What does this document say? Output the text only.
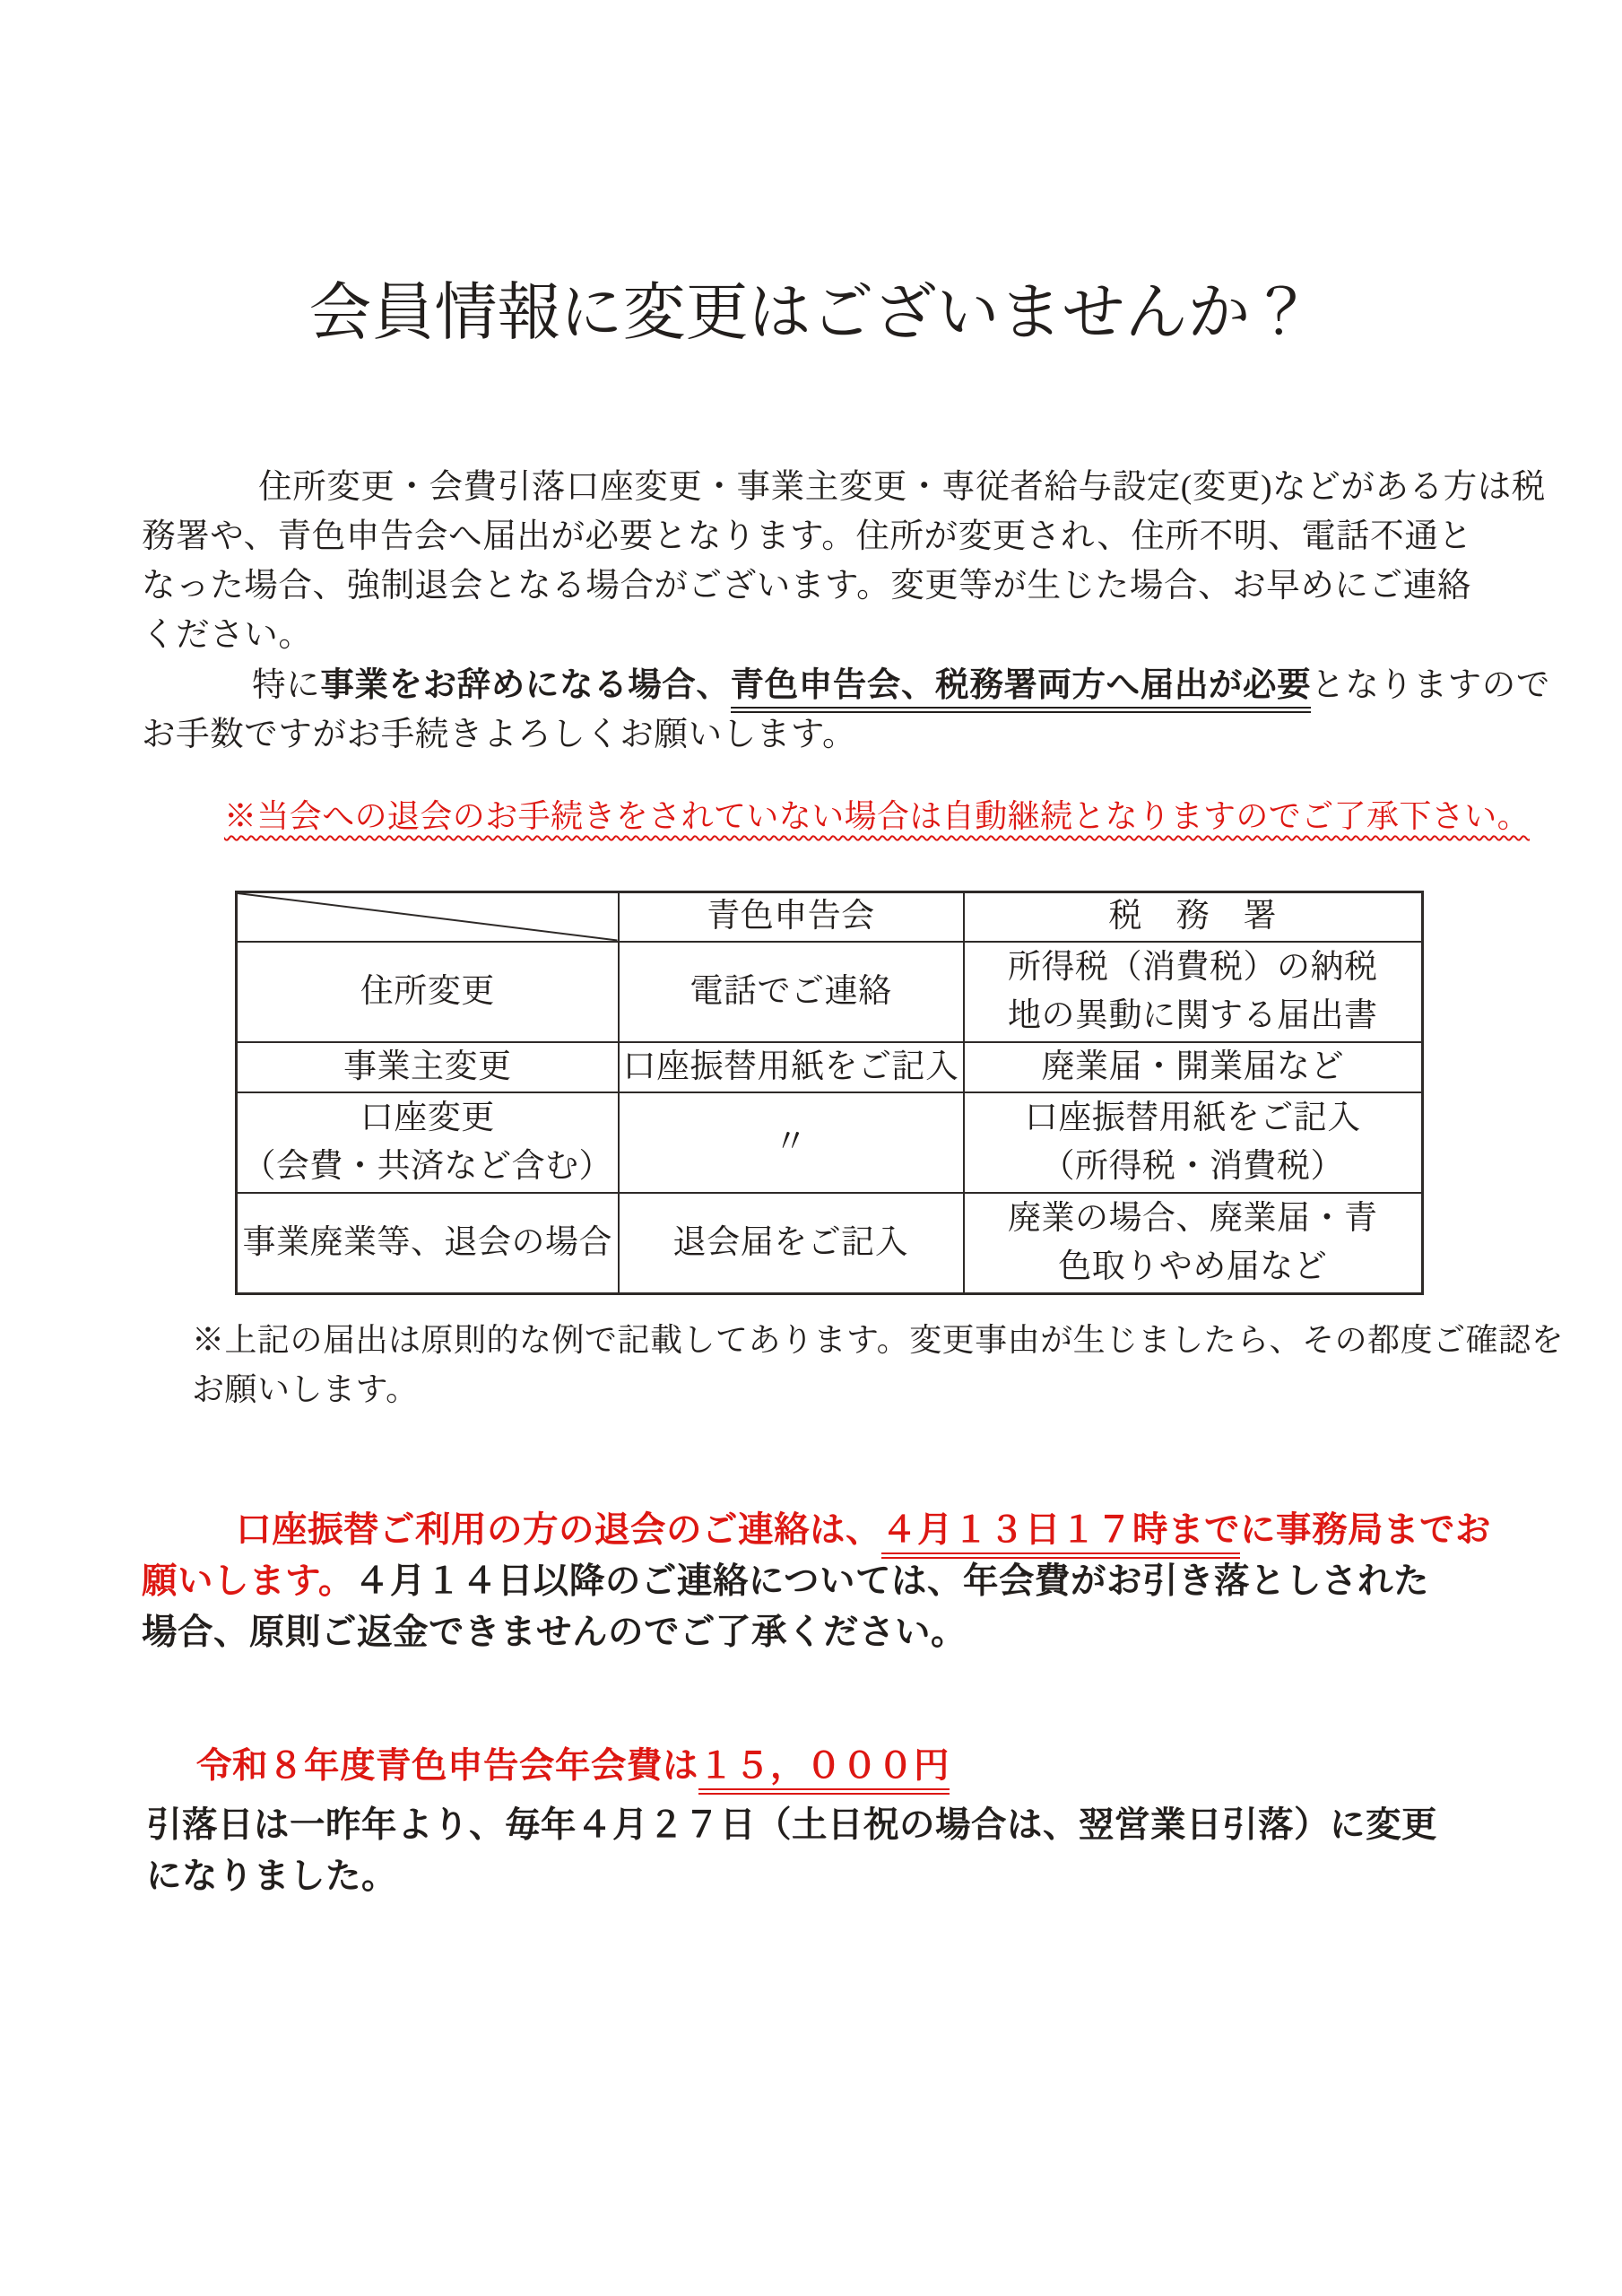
会員情報に変更はございませんか？
　住所変更・会費引落口座変更・事業主変更・専従者給与設定(変更)などがある方は税
務署や、青色申告会へ届出が必要となります。住所が変更され、住所不明、電話不通と
なった場合、強制退会となる場合がございます。変更等が生じた場合、お早めにご連絡
ください。
　特に事業をお辞めになる場合、青色申告会、税務署両方へ届出が必要となりますので
お手数ですがお手続きよろしくお願いします。
※当会への退会のお手続きをされていない場合は自動継続となりますのでご了承下さい。
	青色申告会	税　務　署

住所変更	電話でご連絡	所得税（消費税）の納税
地の異動に関する届出書

事業主変更	口座振替用紙をご記入	廃業届・開業届など

口座変更
（会費・共済など含む）	〃	口座振替用紙をご記入
（所得税・消費税）

事業廃業等、退会の場合	退会届をご記入	廃業の場合、廃業届・青
色取りやめ届など
※上記の届出は原則的な例で記載してあります。変更事由が生じましたら、その都度ご確認を
お願いします。
口座振替ご利用の方の退会のご連絡は、４月１３日１７時までに事務局までお
願いします。４月１４日以降のご連絡については、年会費がお引き落としされた
場合、原則ご返金できませんのでご了承ください。
令和８年度青色申告会年会費は１５，０００円
引落日は一昨年より、毎年４月２７日（土日祝の場合は、翌営業日引落）に変更
になりました。
